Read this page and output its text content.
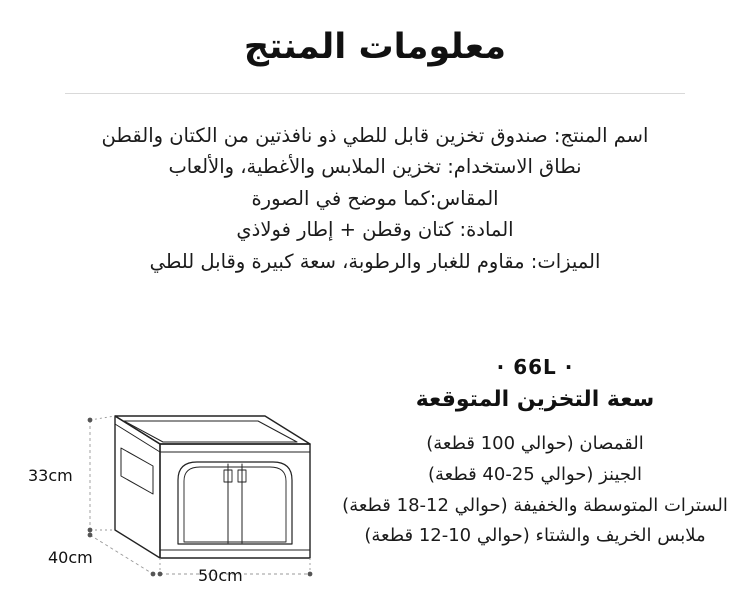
معلومات المنتج
اسم المنتج: صندوق تخزين قابل للطي ذو نافذتين من الكتان والقطن
نطاق الاستخدام: تخزين الملابس والأغطية، والألعاب
المقاس:كما موضح في الصورة
المادة: كتان وقطن + إطار فولاذي
الميزات: مقاوم للغبار والرطوبة، سعة كبيرة وقابل للطي
· 66L ·
سعة التخزين المتوقعة
القمصان (حوالي 100 قطعة)
الجينز (حوالي 25-40 قطعة)
السترات المتوسطة والخفيفة (حوالي 12-18 قطعة)
ملابس الخريف والشتاء (حوالي 10-12 قطعة)
33cm
40cm
50cm
